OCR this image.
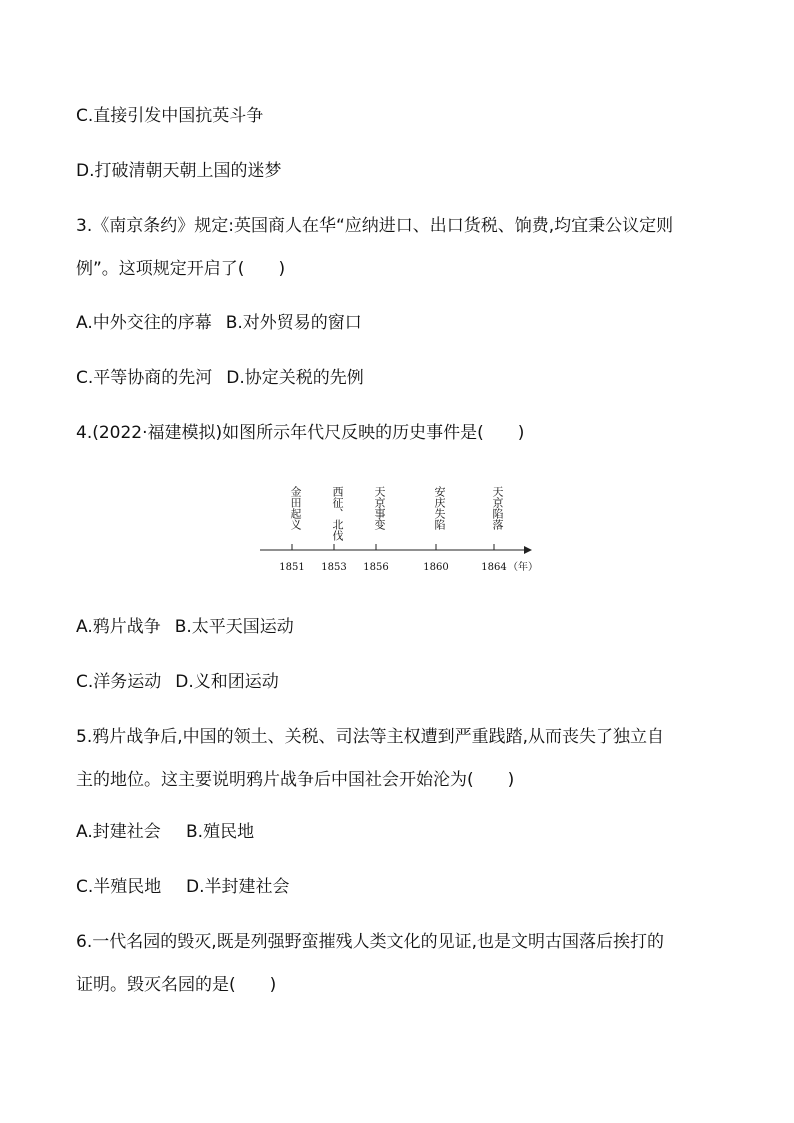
C.直接引发中国抗英斗争
D.打破清朝天朝上国的迷梦
3.《南京条约》规定:英国商人在华“应纳进口、出口货税、饷费,均宜秉公议定则
例”。这项规定开启了( )
A.中外交往的序幕 B.对外贸易的窗口
C.平等协商的先河 D.协定关税的先例
4.(2022·福建模拟)如图所示年代尺反映的历史事件是( )
金田起义	西征、北伐	天京事变	安庆失陷	天京陷落
（年）
1851 1853 1856	1860	1864
A.鸦片战争 B.太平天国运动
C.洋务运动 D.义和团运动
5.鸦片战争后,中国的领土、关税、司法等主权遭到严重践踏,从而丧失了独立自
主的地位。这主要说明鸦片战争后中国社会开始沦为( )
A.封建社会 B.殖民地
C.半殖民地 D.半封建社会
6.一代名园的毁灭,既是列强野蛮摧残人类文化的见证,也是文明古国落后挨打的
证明。毁灭名园的是( )
